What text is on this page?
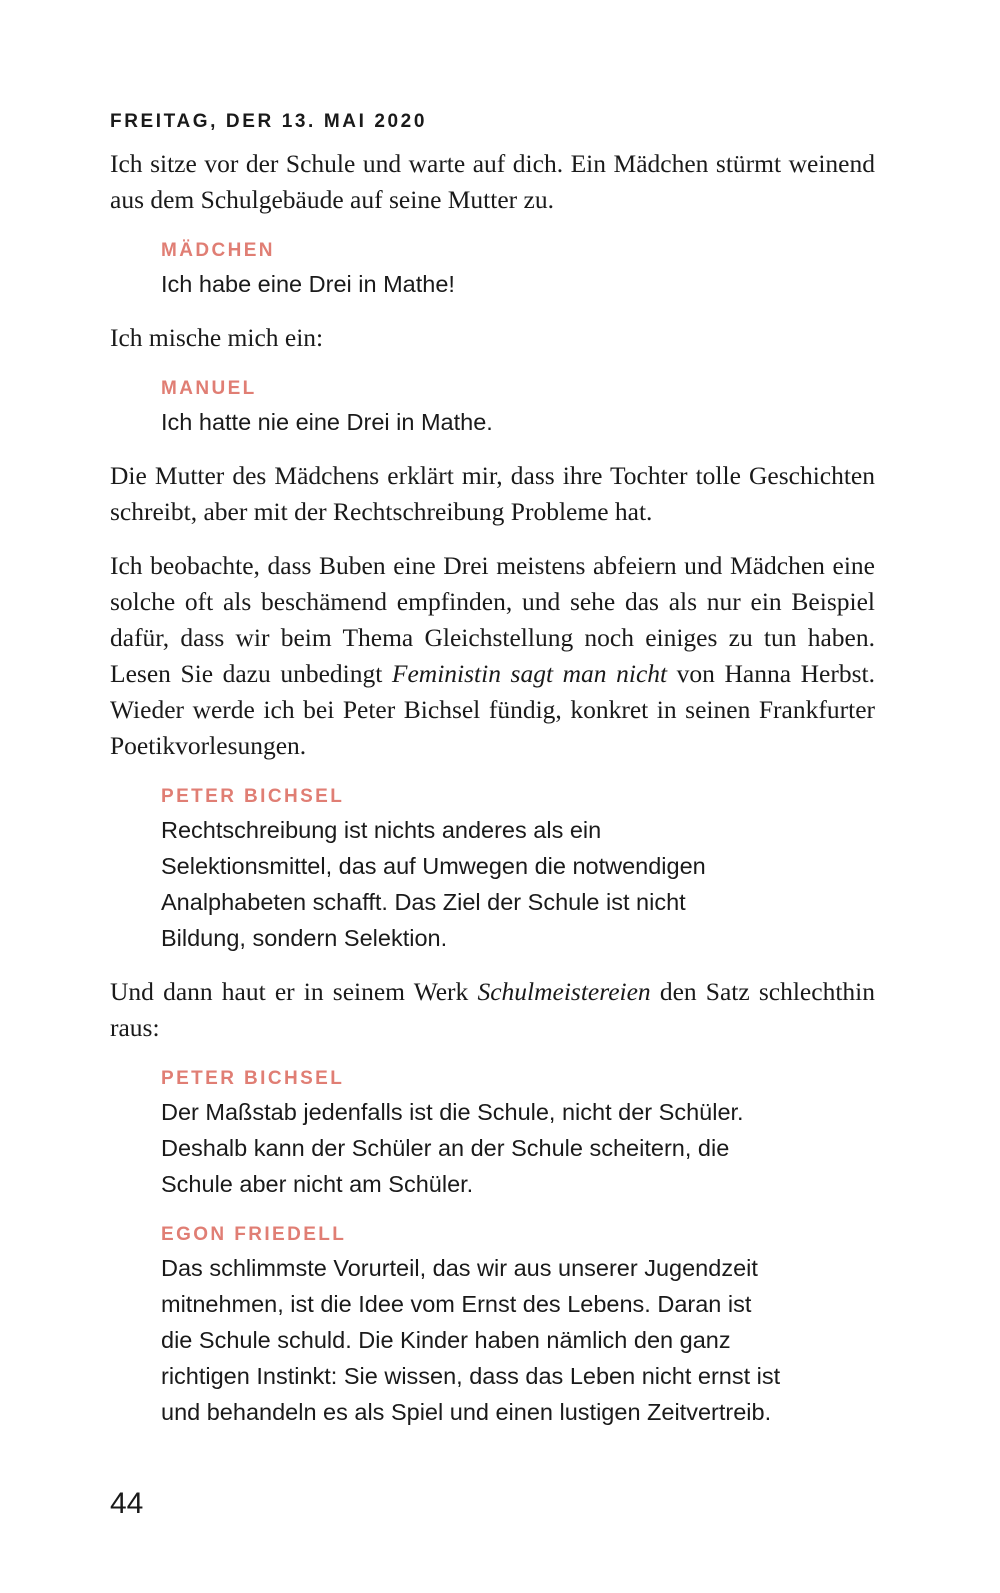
FREITAG, DER 13. MAI 2020

Ich sitze vor der Schule und warte auf dich. Ein Mädchen stürmt weinend aus dem Schulgebäude auf seine Mutter zu.

MÄDCHEN

Ich habe eine Drei in Mathe!

Ich mische mich ein:

MANUEL

Ich hatte nie eine Drei in Mathe.

Die Mutter des Mädchens erklärt mir, dass ihre Tochter tolle Geschichten schreibt, aber mit der Rechtschreibung Probleme hat.

Ich beobachte, dass Buben eine Drei meistens abfeiern und Mädchen eine solche oft als beschämend empfinden, und sehe das als nur ein Beispiel dafür, dass wir beim Thema Gleichstellung noch einiges zu tun haben. Lesen Sie dazu unbedingt Feministin sagt man nicht von Hanna Herbst. Wieder werde ich bei Peter Bichsel fündig, konkret in seinen Frankfurter Poetikvorlesungen.

PETER BICHSEL

Rechtschreibung ist nichts anderes als ein
Selektionsmittel, das auf Umwegen die notwendigen
Analphabeten schafft. Das Ziel der Schule ist nicht
Bildung, sondern Selektion.

Und dann haut er in seinem Werk Schulmeistereien den Satz schlechthin raus:

PETER BICHSEL

Der Maßstab jedenfalls ist die Schule, nicht der Schüler.
Deshalb kann der Schüler an der Schule scheitern, die
Schule aber nicht am Schüler.

EGON FRIEDELL

Das schlimmste Vorurteil, das wir aus unserer Jugendzeit
mitnehmen, ist die Idee vom Ernst des Lebens. Daran ist
die Schule schuld. Die Kinder haben nämlich den ganz
richtigen Instinkt: Sie wissen, dass das Leben nicht ernst ist
und behandeln es als Spiel und einen lustigen Zeitvertreib.

44
